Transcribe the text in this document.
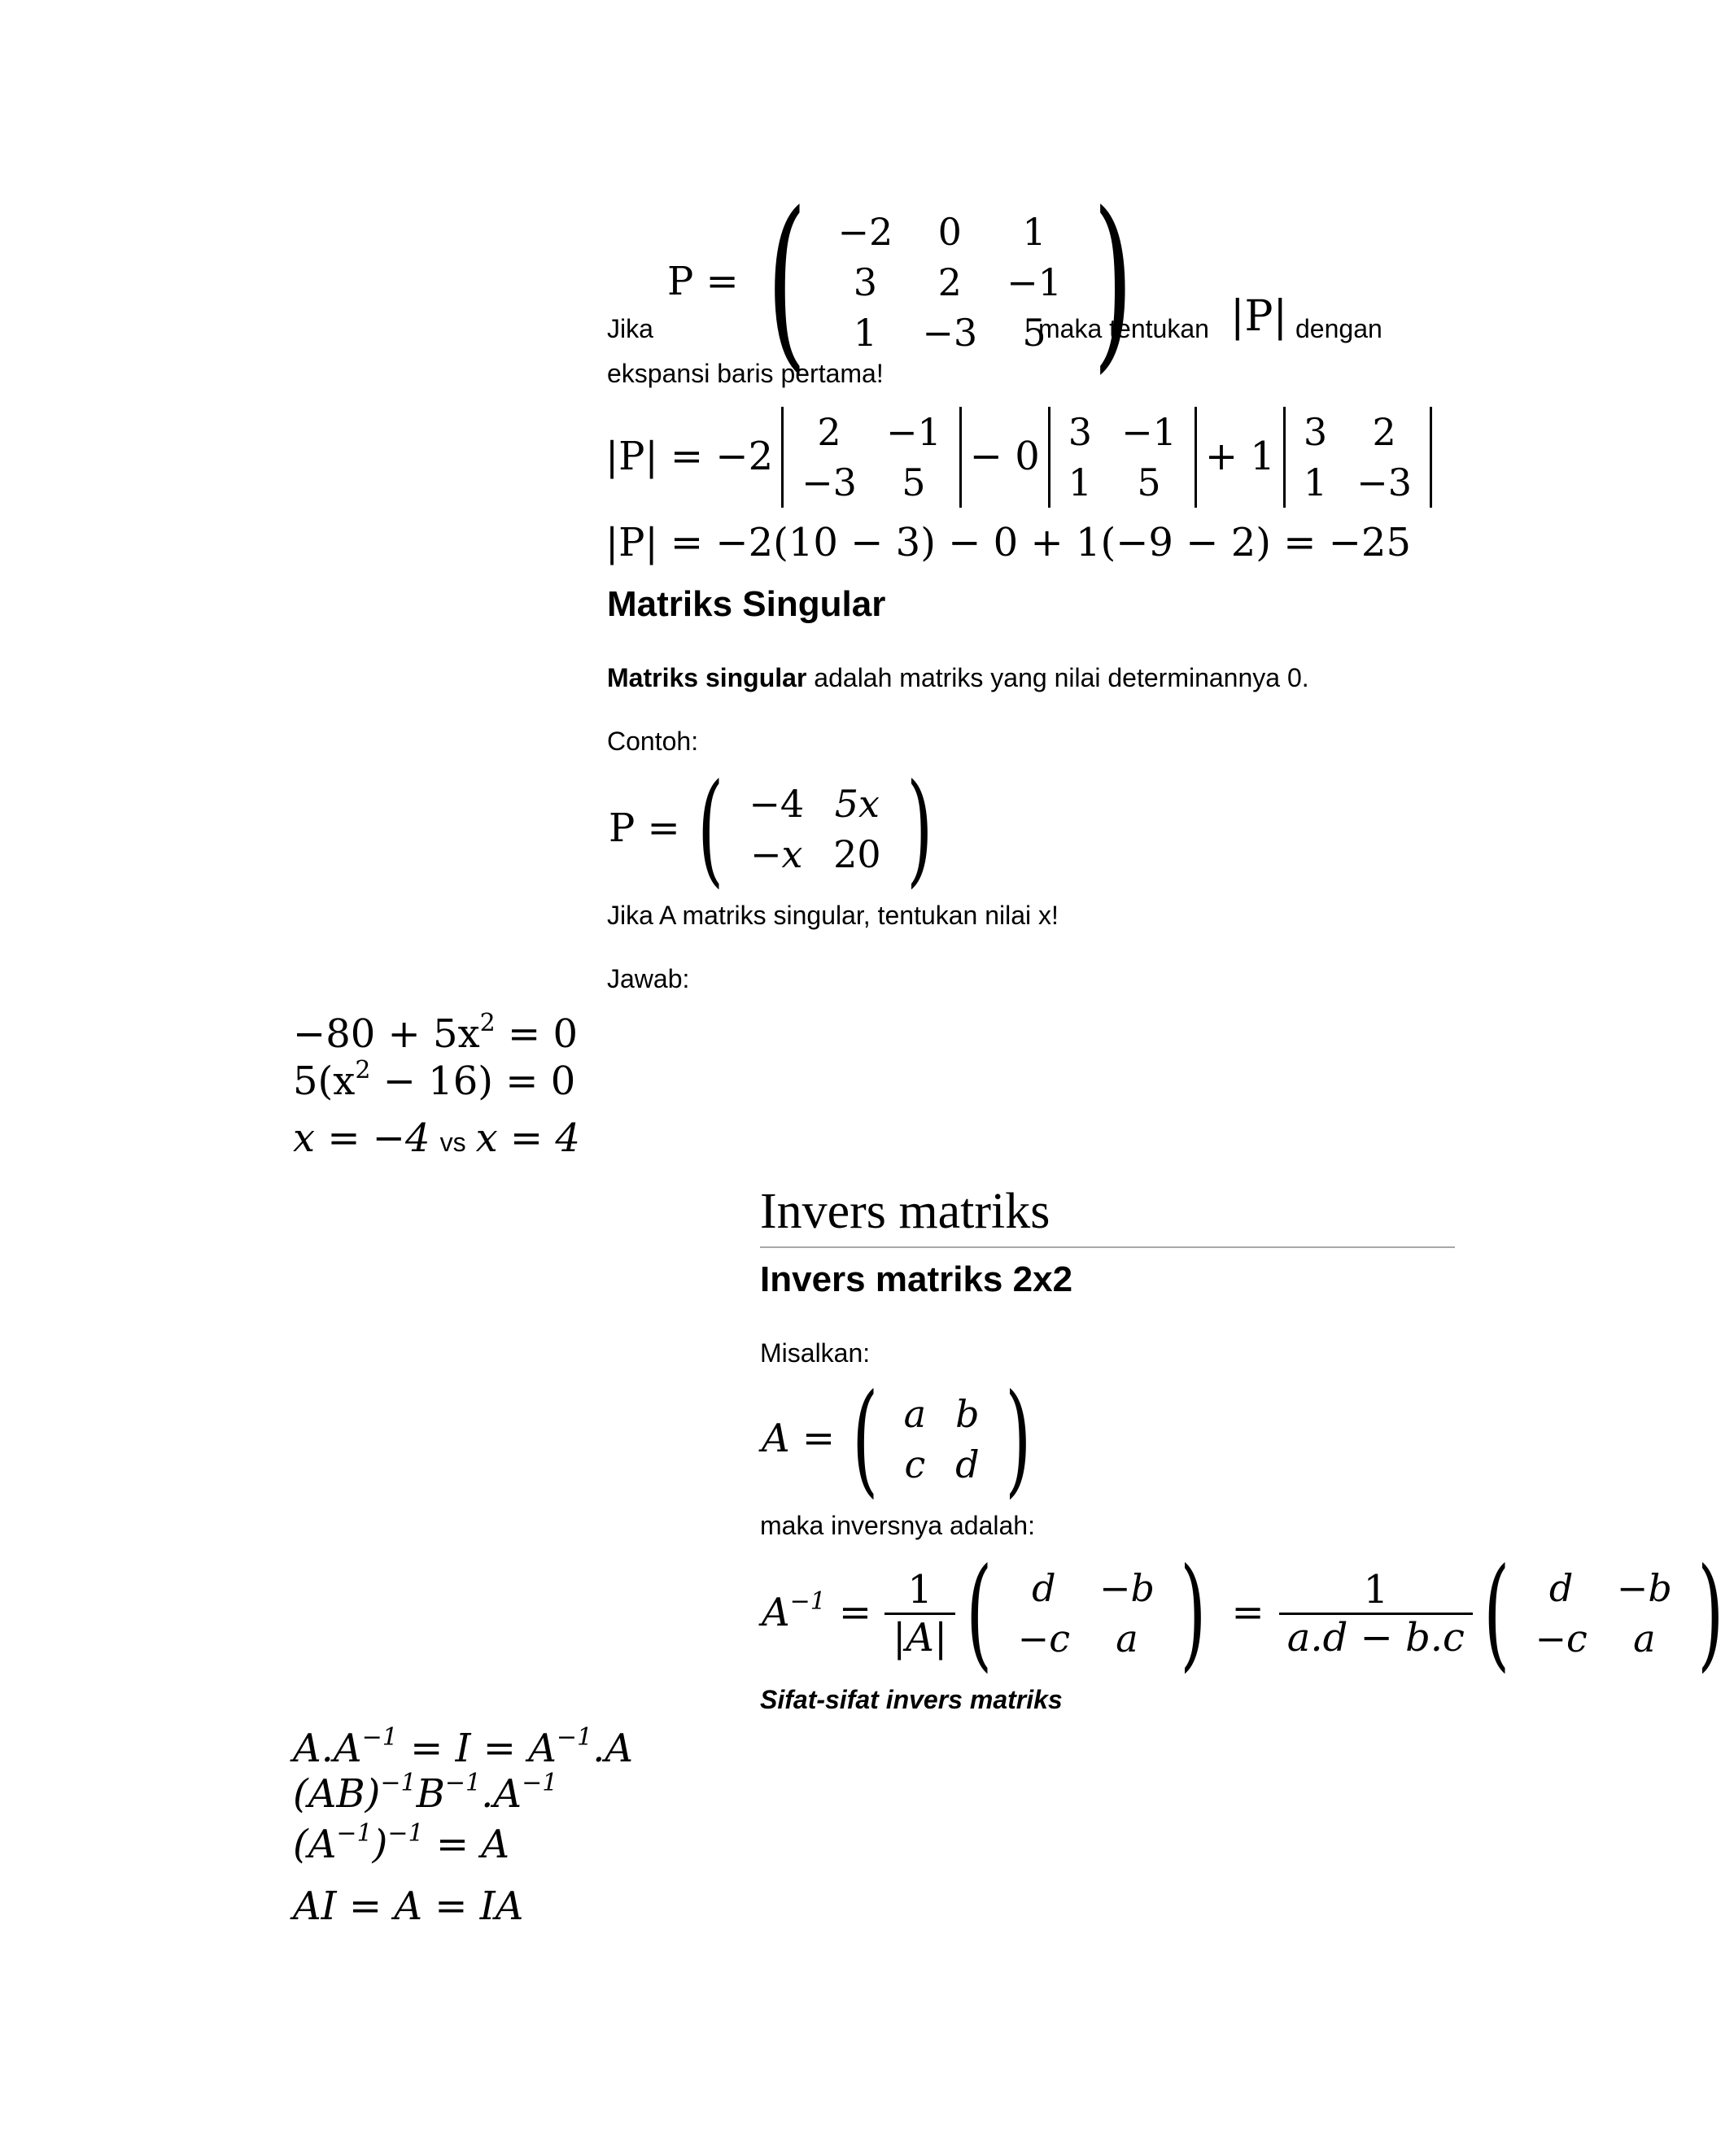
Jika
P = ( −2	0	1
3	2	−1
1	−3	5 )
maka tentukan |P| dengan
ekspansi baris pertama!
|P| = −2
2	−1
−3	5
− 0
3	−1
1	5
+ 1
3	2
1	−3
|P| = −2(10 − 3) − 0 + 1(−9 − 2) = −25
Matriks Singular
Matriks singular adalah matriks yang nilai determinannya 0.
Contoh:
P = ( −4	5x
−x	20 )
Jika A matriks singular, tentukan nilai x!
Jawab:
$-80 + 5x^2 = 0$
$5(x^2 - 16) = 0$
x = −4 vs x = 4
Invers matriks
Invers matriks 2x2
Misalkan:
A = ( a	b
c	d )
maka inversnya adalah:
$A^{-1} = \frac{1}{|A|}$ ( d	−b
−c	a ) = $\frac{1}{a.d - b.c}$ ( d	−b
−c	a )
Sifat-sifat invers matriks
$A.A^{-1} = I = A^{-1}.A$
$(AB)^{-1}B^{-1}.A^{-1}$
$(A^{-1})^{-1} = A$
AI = A = IA
